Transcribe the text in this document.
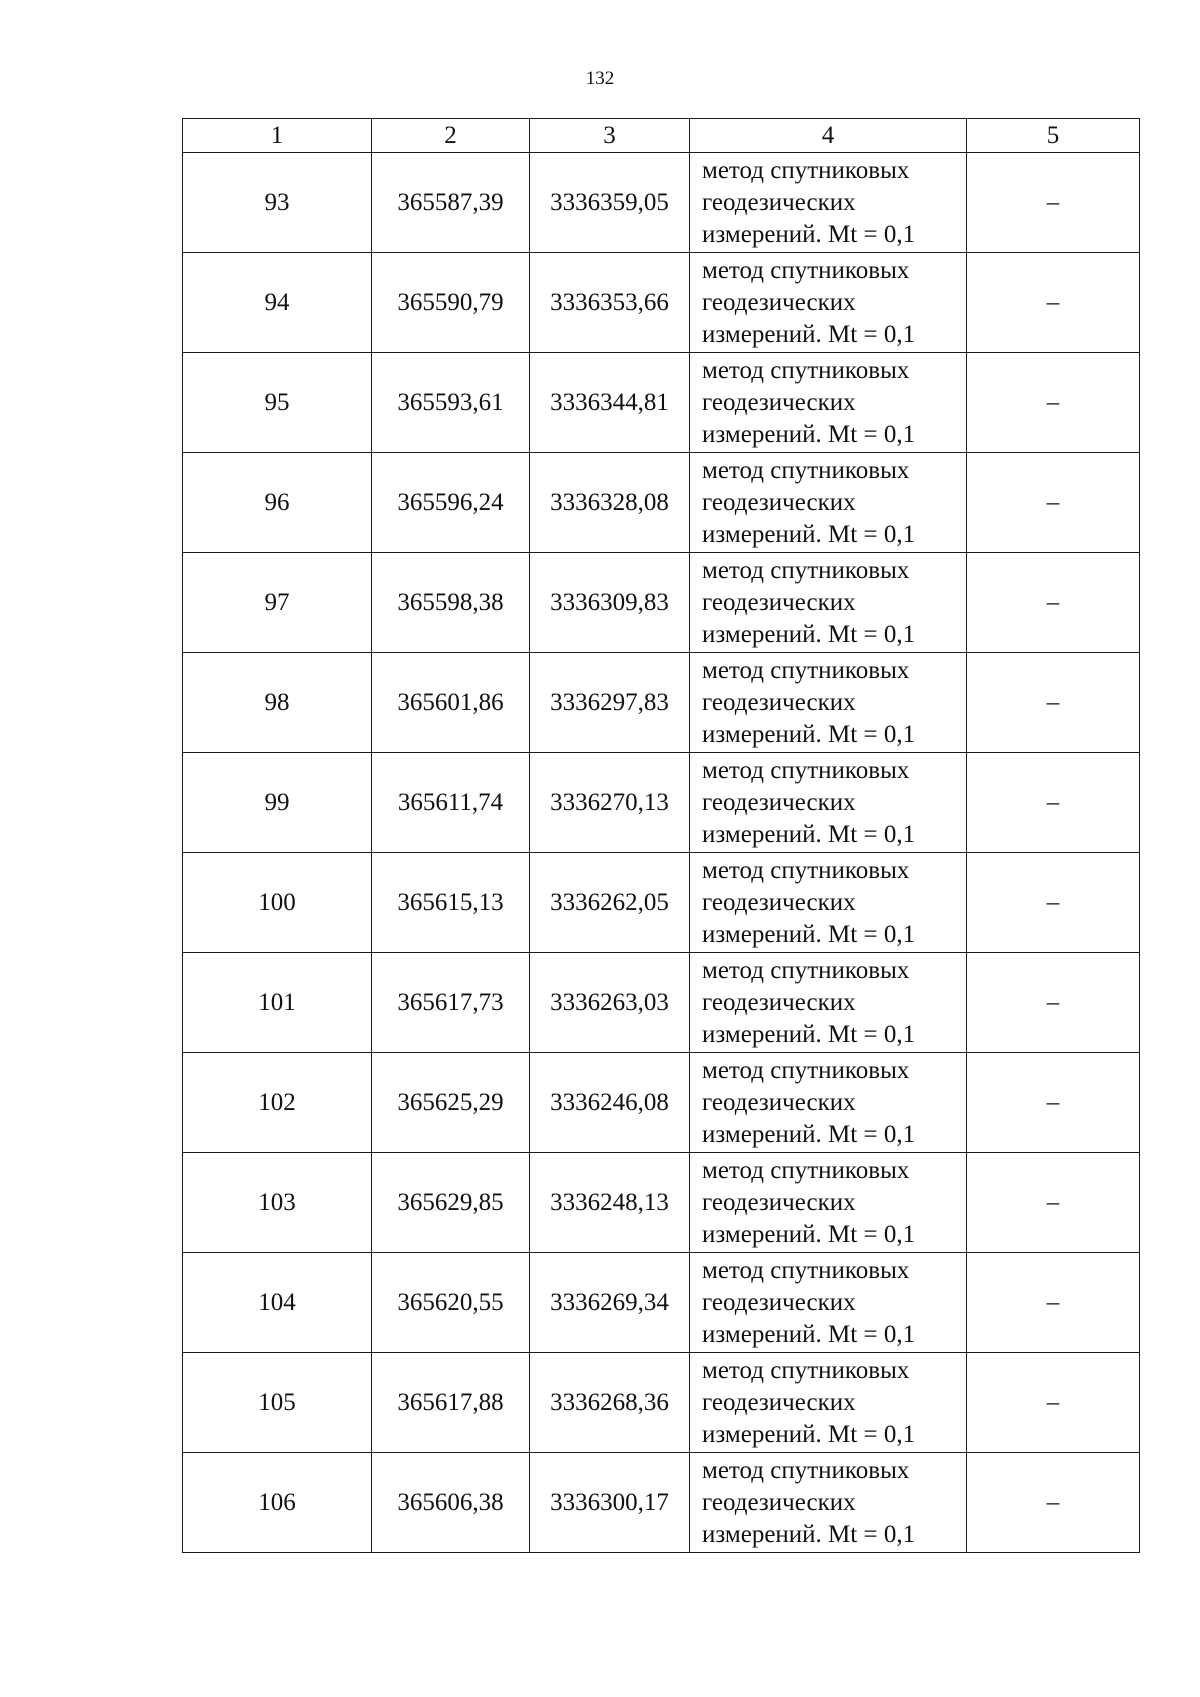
132
1	2	3	4	5
93	365587,39	3336359,05	метод спутниковых
геодезических
измерений. Mt = 0,1	–
94	365590,79	3336353,66	метод спутниковых
геодезических
измерений. Mt = 0,1	–
95	365593,61	3336344,81	метод спутниковых
геодезических
измерений. Mt = 0,1	–
96	365596,24	3336328,08	метод спутниковых
геодезических
измерений. Mt = 0,1	–
97	365598,38	3336309,83	метод спутниковых
геодезических
измерений. Mt = 0,1	–
98	365601,86	3336297,83	метод спутниковых
геодезических
измерений. Mt = 0,1	–
99	365611,74	3336270,13	метод спутниковых
геодезических
измерений. Mt = 0,1	–
100	365615,13	3336262,05	метод спутниковых
геодезических
измерений. Mt = 0,1	–
101	365617,73	3336263,03	метод спутниковых
геодезических
измерений. Mt = 0,1	–
102	365625,29	3336246,08	метод спутниковых
геодезических
измерений. Mt = 0,1	–
103	365629,85	3336248,13	метод спутниковых
геодезических
измерений. Mt = 0,1	–
104	365620,55	3336269,34	метод спутниковых
геодезических
измерений. Mt = 0,1	–
105	365617,88	3336268,36	метод спутниковых
геодезических
измерений. Mt = 0,1	–
106	365606,38	3336300,17	метод спутниковых
геодезических
измерений. Mt = 0,1	–
